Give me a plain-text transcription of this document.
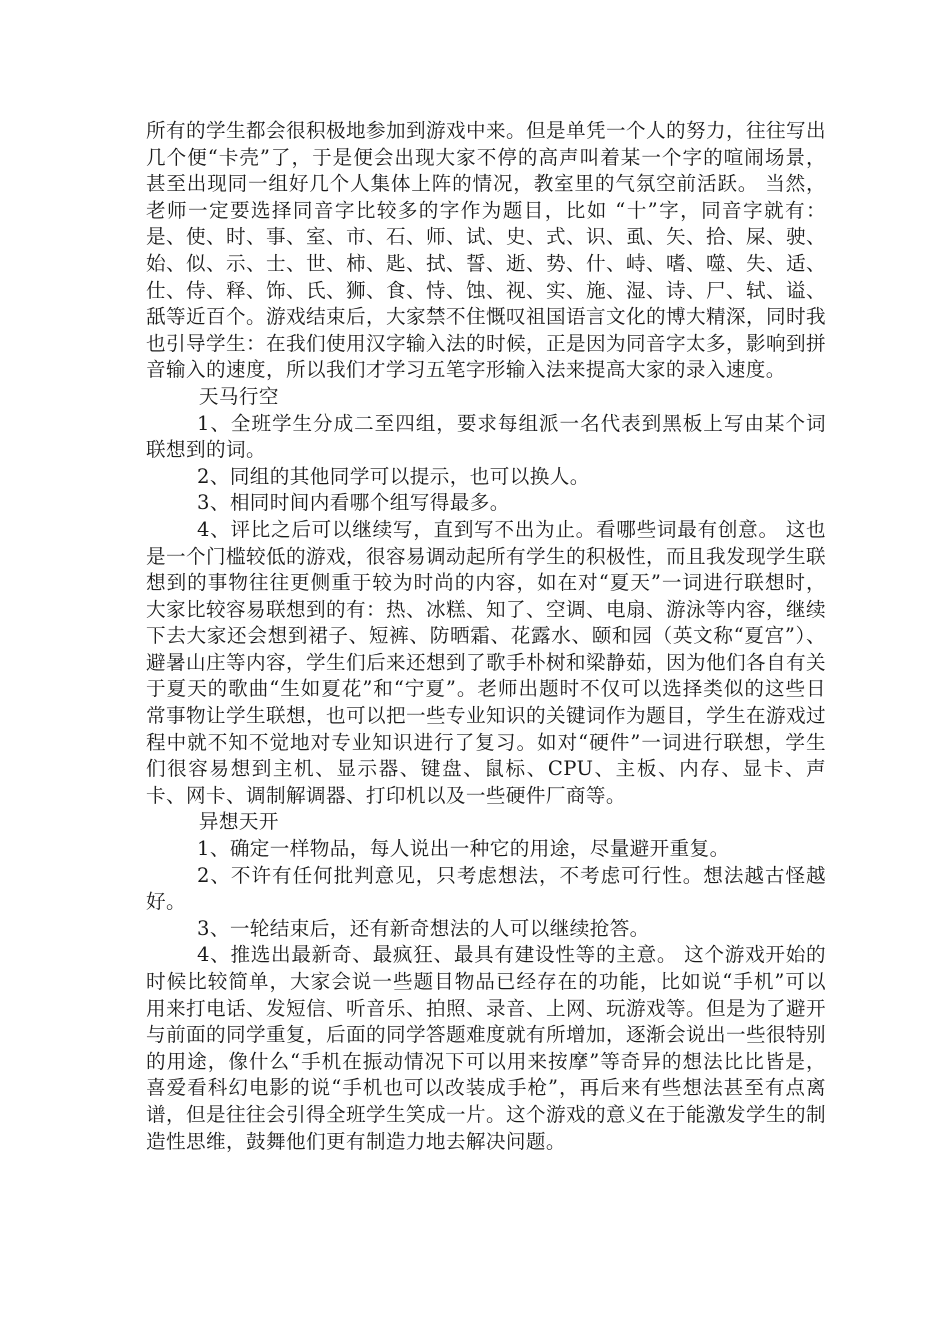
所有的学生都会很积极地参加到游戏中来。但是单凭一个人的努力，往往写出几个便“卡壳”了，于是便会出现大家不停的高声叫着某一个字的喧闹场景，甚至出现同一组好几个人集体上阵的情况，教室里的气氛空前活跃。 当然，老师一定要选择同音字比较多的字作为题目，比如 “十”字，同音字就有：是、使、时、事、室、市、石、师、试、史、式、识、虱、矢、拾、屎、驶、始、似、示、士、世、柿、匙、拭、誓、逝、势、什、峙、嗜、噬、失、适、仕、侍、释、饰、氏、狮、食、恃、蚀、视、实、施、湿、诗、尸、轼、谥、舐等近百个。游戏结束后，大家禁不住慨叹祖国语言文化的博大精深，同时我也引导学生：在我们使用汉字输入法的时候，正是因为同音字太多，影响到拼音输入的速度，所以我们才学习五笔字形输入法来提高大家的录入速度。

天马行空

1、全班学生分成二至四组，要求每组派一名代表到黑板上写由某个词联想到的词。

2、同组的其他同学可以提示，也可以换人。

3、相同时间内看哪个组写得最多。

4、评比之后可以继续写，直到写不出为止。看哪些词最有创意。 这也是一个门槛较低的游戏，很容易调动起所有学生的积极性，而且我发现学生联想到的事物往往更侧重于较为时尚的内容，如在对“夏天”一词进行联想时，大家比较容易联想到的有：热、冰糕、知了、空调、电扇、游泳等内容，继续下去大家还会想到裙子、短裤、防晒霜、花露水、颐和园（英文称“夏宫”）、避暑山庄等内容，学生们后来还想到了歌手朴树和梁静茹，因为他们各自有关于夏天的歌曲“生如夏花”和“宁夏”。老师出题时不仅可以选择类似的这些日常事物让学生联想，也可以把一些专业知识的关键词作为题目，学生在游戏过程中就不知不觉地对专业知识进行了复习。如对“硬件”一词进行联想，学生们很容易想到主机、显示器、键盘、鼠标、CPU、主板、内存、显卡、声卡、网卡、调制解调器、打印机以及一些硬件厂商等。

异想天开

1、确定一样物品，每人说出一种它的用途，尽量避开重复。

2、不许有任何批判意见，只考虑想法，不考虑可行性。想法越古怪越好。

3、一轮结束后，还有新奇想法的人可以继续抢答。

4、推选出最新奇、最疯狂、最具有建设性等的主意。 这个游戏开始的时候比较简单，大家会说一些题目物品已经存在的功能，比如说“手机”可以用来打电话、发短信、听音乐、拍照、录音、上网、玩游戏等。但是为了避开与前面的同学重复，后面的同学答题难度就有所增加，逐渐会说出一些很特别的用途，像什么“手机在振动情况下可以用来按摩”等奇异的想法比比皆是，喜爱看科幻电影的说“手机也可以改装成手枪”，再后来有些想法甚至有点离谱，但是往往会引得全班学生笑成一片。这个游戏的意义在于能激发学生的制造性思维，鼓舞他们更有制造力地去解决问题。
